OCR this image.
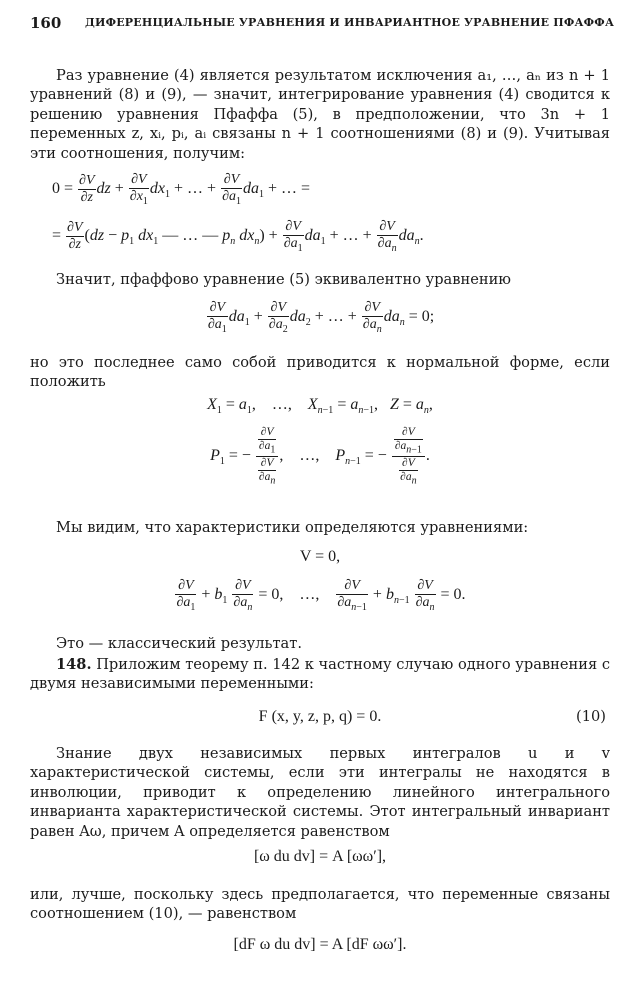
160 ДИФЕРЕНЦИАЛЬНЫЕ УРАВНЕНИЯ И ИНВАРИАНТНОЕ УРАВНЕНИЕ ПФАФФА
Раз уравнение (4) является результатом исключения a₁, …, aₙ из n + 1 уравнений (8) и (9), — значит, интегрирование уравнения (4) сводится к решению уравнения Пфаффа (5), в предположении, что 3n + 1 переменных z, xᵢ, pᵢ, aᵢ связаны n + 1 соотношениями (8) и (9). Учитывая эти соотношения, получим:
$0 = \frac{\partial V}{\partial z}$ dz + $\frac{\partial V}{\partial x_1} dx_1$ + … + $\frac{\partial V}{\partial a_1} da_1$ + … =
= $\frac{\partial V}{\partial z} (dz - p_1$ $dx_1$ — … — $p_n$ $dx_n) + \frac{\partial V}{\partial a_1} da_1$ + … + $\frac{\partial V}{\partial a_n} da_n$.
Значит, пфаффово уравнение (5) эквивалентно уравнению
$\frac{\partial V}{\partial a_1} da_1 + \frac{\partial V}{\partial a_2} da_2$ + … + $\frac{\partial V}{\partial a_n} da_n = 0$;
но это последнее само собой приводится к нормальной форме, если положить
$X_1 = a_1$,    …,    $X_{n-1} = a_{n-1}$,   $Z = a_n$,
$P_1$ = − $\frac{\frac{\partial V}{\partial a_1}}{\frac{\partial V}{\partial a_n}}$ ,    …,    $P_{n-1}$ = − $\frac{\frac{\partial V}{\partial a_{n-1}}}{\frac{\partial V}{\partial a_n}}$ .
Мы видим, что характеристики определяются уравнениями:
V = 0,
$\frac{\partial V}{\partial a_1} + b_1 \frac{\partial V}{\partial a_n} = 0$,    …, $\frac{\partial V}{\partial a_{n-1}} + b_{n-1} \frac{\partial V}{\partial a_n} = 0$.
Это — классический результат.
148. Приложим теорему п. 142 к частному случаю одного уравнения с двумя независимыми переменными:
F (x, y, z, p, q) = 0.	(10)
Знание двух независимых первых интегралов u и v характеристической системы, если эти интегралы не находятся в инволюции, приводит к определению линейного интегрального инварианта характеристической системы. Этот интегральный инвариант равен Aω, причем A определяется равенством
[ω du dv] = A [ωω′],
или, лучше, поскольку здесь предполагается, что переменные связаны соотношением (10), — равенством
[dF ω du dv] = A [dF ωω′].
